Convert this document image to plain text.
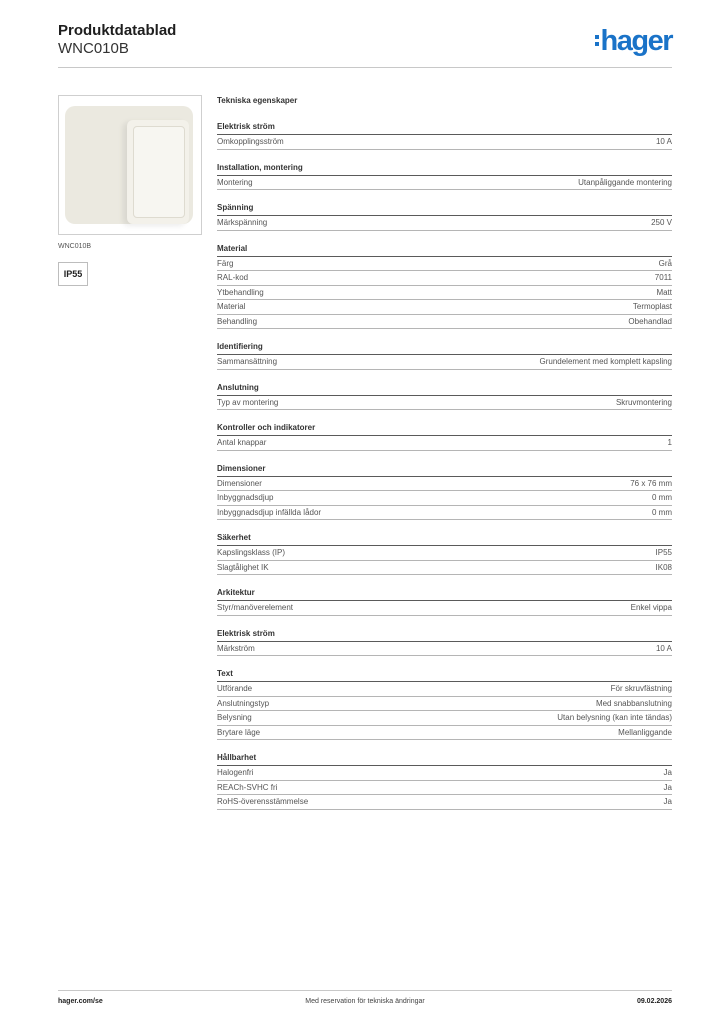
Produktdatablad
WNC010B	hager
WNC010B
IP55
Tekniska egenskaper
Elektrisk ström
Omkopplingsström	10 A
Installation, montering
Montering	Utanpåliggande montering
Spänning
Märkspänning	250 V
Material
Färg	Grå
RAL-kod	7011
Ytbehandling	Matt
Material	Termoplast
Behandling	Obehandlad
Identifiering
Sammansättning	Grundelement med komplett kapsling
Anslutning
Typ av montering	Skruvmontering
Kontroller och indikatorer
Antal knappar	1
Dimensioner
Dimensioner	76 x 76 mm
Inbyggnadsdjup	0 mm
Inbyggnadsdjup infällda lådor	0 mm
Säkerhet
Kapslingsklass (IP)	IP55
Slagtålighet IK	IK08
Arkitektur
Styr/manöverelement	Enkel vippa
Elektrisk ström
Märkström	10 A
Text
Utförande	För skruvfästning
Anslutningstyp	Med snabbanslutning
Belysning	Utan belysning (kan inte tändas)
Brytare läge	Mellanliggande
Hållbarhet
Halogenfri	Ja
REACh-SVHC fri	Ja
RoHS-överensstämmelse	Ja
hager.com/se	Med reservation för tekniska ändringar	09.02.2026
